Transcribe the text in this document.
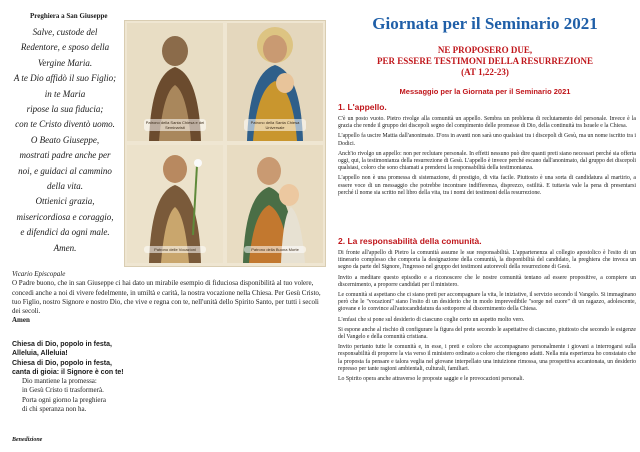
Preghiera a San Giuseppe
Salve, custode del
Redentore, e sposo della
Vergine Maria.
A te Dio affidò il suo Figlio;
in te Maria
ripose la sua fiducia;
con te Cristo diventò uomo.
O Beato Giuseppe,
mostrati padre anche per
noi, e guidaci al cammino
della vita.
Ottienici grazia,
misericordiosa e coraggio,
e difendici da ogni male.
Amen.
Patrono della Santa Chiesa e dei Seminaristi
Patrono della Santa Chiesa Universale
Patrono delle Vocazioni	Patrono della Buona Morte

Vicario Episcopale

O Padre buono, che in san Giuseppe ci hai dato un mirabile esempio di fiduciosa disponibilità al tuo volere, concedi anche a noi di vivere fedelmente, in umiltà e carità, la nostra vocazione nella Chiesa. Per Gesù Cristo, tuo Figlio, nostro Signore e nostro Dio, che vive e regna con te, nell'unità dello Spirito Santo, per tutti i secoli dei secoli.

Amen

Chiesa di Dio, popolo in festa,

Alleluia, Alleluia!

Chiesa di Dio, popolo in festa,

canta di gioia: il Signore è con te!

Dio mantiene la promessa:

in Gesù Cristo ti trasformerà.

Porta ogni giorno la preghiera

di chi speranza non ha.

Benedizione
Giornata per il Seminario 2021
NE PROPOSERO DUE,
PER ESSERE TESTIMONI DELLA RESURREZIONE
(AT 1,22-23)
Messaggio per la Giornata per il Seminario 2021
1. L'appello.

C'è un posto vuoto. Pietro rivolge alla comunità un appello. Sembra un problema di reclutamento del personale. Invece è la grazia che rende il gruppo dei discepoli segno del compimento delle promesse di Dio, della continuità tra Israele e la Chiesa.

L'appello fa uscire Mattia dall'anonimato. D'ora in avanti non sarà uno qualsiasi tra i discepoli di Gesù, ma un nome iscritto tra i Dodici.

Anch'io rivolgo un appello: non per reclutare personale. In effetti nessuno può dire quanti preti siano necessari perché sia offerta oggi, qui, la testimonianza della resurrezione di Gesù. L'appello è invece perché escano dall'anonimato, dal gruppo dei discepoli qualsiasi, coloro che sono chiamati a prendersi la responsabilità della testimonianza.

L'appello non è una promessa di sistemazione, di prestigio, di vita facile. Piuttosto è una sorta di candidatura al martirio, a essere voce di un messaggio che potrebbe incontrare indifferenza, disprezzo, ostilità. E tuttavia vale la pena di presentarsi perché il nome sia scritto nel libro della vita, tra i nomi dei testimoni della resurrezione.

2. La responsabilità della comunità.

Di fronte all'appello di Pietro la comunità assume le sue responsabilità. L'appartenenza al collegio apostolico è l'esito di un itinerario complesso che comporta la designazione della comunità, la disponibilità del candidato, la preghiera che invoca un segno da parte del Signore, l'ingresso nel gruppo dei testimoni autorevoli della resurrezione di Gesù.

Invito a meditare questo episodio e a riconoscere che le nostre comunità tentano ad essere propositive, a compiere un discernimento, a proporre candidati per il ministero.

Le comunità si aspettano che ci siano preti per accompagnare la vita, le iniziative, il servizio secondo il Vangelo. Si immaginano però che le "vocazioni" siano l'esito di un desiderio che in modo imprevedibile "sorge nel cuore" di un ragazzo, adolescente, giovane e lo convince all'autocandidatura da sottoporre al discernimento della Chiesa.

L'enfasi che si pone sul desiderio di ciascuno coglie certo un aspetto molto vero.

Si espone anche al rischio di configurare la figura del prete secondo le aspettative di ciascuno, piuttosto che secondo le esigenze del Vangelo e della comunità cristiana.

Invito pertanto tutte le comunità e, in esse, i preti e coloro che accompagnano personalmente i giovani a interrogarsi sulla responsabilità di proporre la via verso il ministero ordinato a coloro che ritengono adatti. Nella mia esperienza ho constatato che la proposta fa pensare e talora veglia nel giovane interpellato una intuizione rimossa, una prospettiva accantonata, un desiderio represso per tante ragioni ambientali, culturali, familiari.

Lo Spirito opera anche attraverso le proposte saggie e le provocazioni personali.
